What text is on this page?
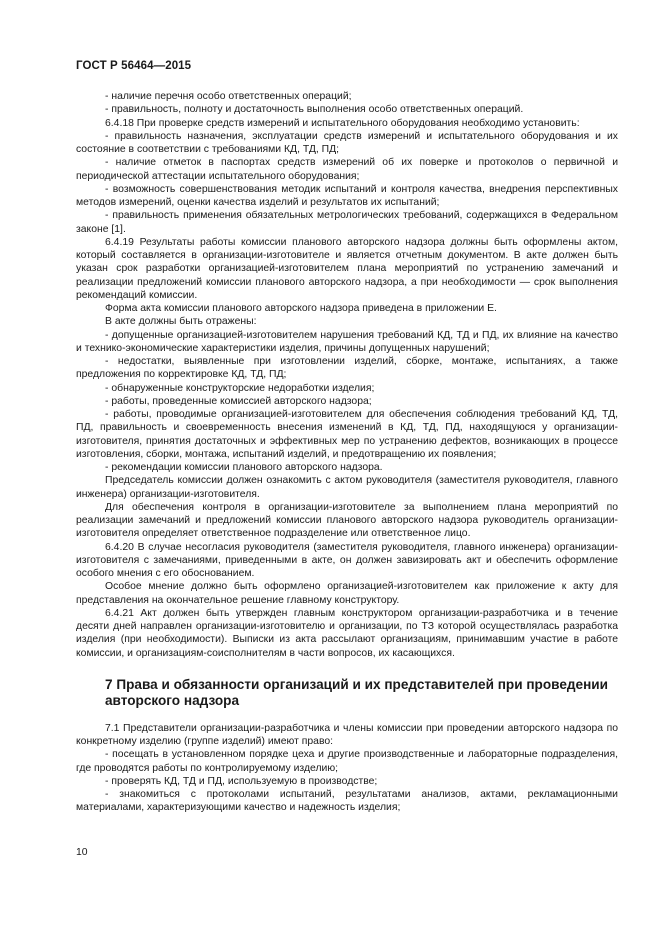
ГОСТ Р 56464—2015

- наличие перечня особо ответственных операций;

- правильность, полноту и достаточность выполнения особо ответственных операций.

6.4.18 При проверке средств измерений и испытательного оборудования необходимо установить:

- правильность назначения, эксплуатации средств измерений и испытательного оборудования и их состояние в соответствии с требованиями КД, ТД, ПД;

- наличие отметок в паспортах средств измерений об их поверке и протоколов о первичной и периодической аттестации испытательного оборудования;

- возможность совершенствования методик испытаний и контроля качества, внедрения перспективных методов измерений, оценки качества изделий и результатов их испытаний;

- правильность применения обязательных метрологических требований, содержащихся в Федеральном законе [1].

6.4.19 Результаты работы комиссии планового авторского надзора должны быть оформлены актом, который составляется в организации-изготовителе и является отчетным документом. В акте должен быть указан срок разработки организацией-изготовителем плана мероприятий по устранению замечаний и реализации предложений комиссии планового авторского надзора, а при необходимости — срок выполнения рекомендаций комиссии.

Форма акта комиссии планового авторского надзора приведена в приложении Е.

В акте должны быть отражены:

- допущенные организацией-изготовителем нарушения требований КД, ТД и ПД, их влияние на качество и технико-экономические характеристики изделия, причины допущенных нарушений;

- недостатки, выявленные при изготовлении изделий, сборке, монтаже, испытаниях, а также предложения по корректировке КД, ТД, ПД;

- обнаруженные конструкторские недоработки изделия;

- работы, проведенные комиссией авторского надзора;

- работы, проводимые организацией-изготовителем для обеспечения соблюдения требований КД, ТД, ПД, правильность и своевременность внесения изменений в КД, ТД, ПД, находящуюся у организации-изготовителя, принятия достаточных и эффективных мер по устранению дефектов, возникающих в процессе изготовления, сборки, монтажа, испытаний изделий, и предотвращению их появления;

- рекомендации комиссии планового авторского надзора.

Председатель комиссии должен ознакомить с актом руководителя (заместителя руководителя, главного инженера) организации-изготовителя.

Для обеспечения контроля в организации-изготовителе за выполнением плана мероприятий по реализации замечаний и предложений комиссии планового авторского надзора руководитель организации-изготовителя определяет ответственное подразделение или ответственное лицо.

6.4.20 В случае несогласия руководителя (заместителя руководителя, главного инженера) организации-изготовителя с замечаниями, приведенными в акте, он должен завизировать акт и обеспечить оформление особого мнения с его обоснованием.

Особое мнение должно быть оформлено организацией-изготовителем как приложение к акту для представления на окончательное решение главному конструктору.

6.4.21 Акт должен быть утвержден главным конструктором организации-разработчика и в течение десяти дней направлен организации-изготовителю и организации, по ТЗ которой осуществлялась разработка изделия (при необходимости). Выписки из акта рассылают организациям, принимавшим участие в работе комиссии, и организациям-соисполнителям в части вопросов, их касающихся.

7 Права и обязанности организаций и их представителей при проведении авторского надзора

7.1 Представители организации-разработчика и члены комиссии при проведении авторского надзора по конкретному изделию (группе изделий) имеют право:

- посещать в установленном порядке цеха и другие производственные и лабораторные подразделения, где проводятся работы по контролируемому изделию;

- проверять КД, ТД и ПД, используемую в производстве;

- знакомиться с протоколами испытаний, результатами анализов, актами, рекламационными материалами, характеризующими качество и надежность изделия;

10
